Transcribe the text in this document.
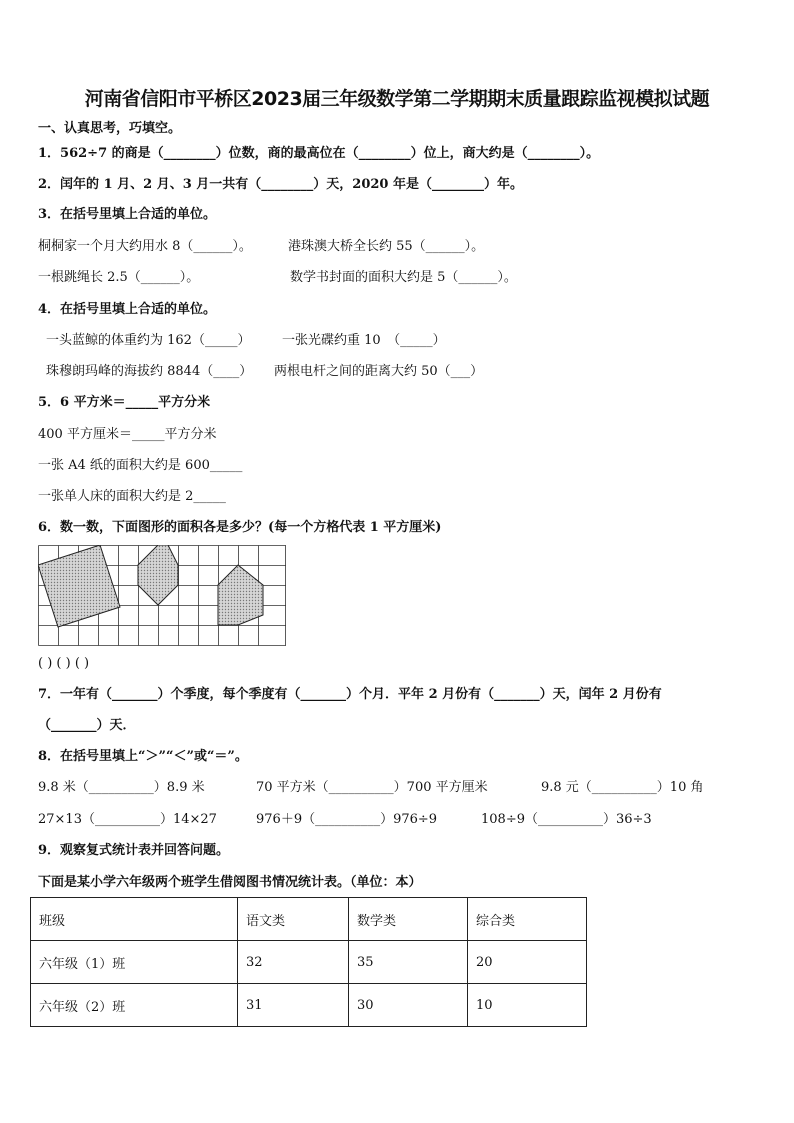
河南省信阳市平桥区2023届三年级数学第二学期期末质量跟踪监视模拟试题
一、认真思考，巧填空。
1．562÷7 的商是（________）位数，商的最高位在（________）位上，商大约是（________）。
2．闰年的 1 月、2 月、3 月一共有（________）天，2020 年是（________）年。
3．在括号里填上合适的单位。
桐桐家一个月大约用水 8（______）。	港珠澳大桥全长约 55（______）。
一根跳绳长 2.5（______）。	数学书封面的面积大约是 5（______）。
4．在括号里填上合适的单位。
一头蓝鲸的体重约为 162（_____） 一张光碟约重 10　（_____）
珠穆朗玛峰的海拔约 8844（____） 两根电杆之间的距离大约 50（___）
5．6 平方米＝_____平方分米
400 平方厘米＝_____平方分米
一张 A4 纸的面积大约是 600_____
一张单人床的面积大约是 2_____
6．数一数，下面图形的面积各是多少？(每一个方格代表 1 平方厘米)
( ) ( ) ( )
7．一年有（_______）个季度，每个季度有（_______）个月．平年 2 月份有（_______）天，闰年 2 月份有
（_______）天．
8．在括号里填上“＞”“＜”或“＝”。
9.8 米（__________）8.9 米	70 平方米（__________）700 平方厘米	9.8 元（__________）10 角
27×13（__________）14×27	976＋9（__________）976÷9	108÷9（__________）36÷3
9．观察复式统计表并回答问题。
下面是某小学六年级两个班学生借阅图书情况统计表。（单位：本）
班级	语文类	数学类	综合类
六年级（1）班	32	35	20
六年级（2）班	31	30	10
